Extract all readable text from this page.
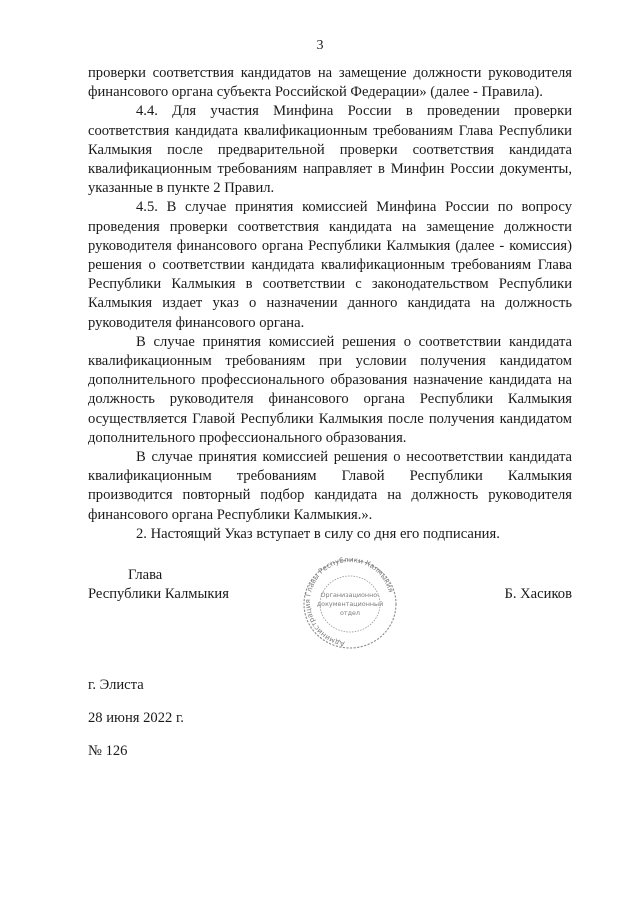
3

проверки соответствия кандидатов на замещение должности руководителя финансового органа субъекта Российской Федерации» (далее - Правила).

4.4. Для участия Минфина России в проведении проверки соответствия кандидата квалификационным требованиям Глава Республики Калмыкия после предварительной проверки соответствия кандидата квалификационным требованиям направляет в Минфин России документы, указанные в пункте 2 Правил.

4.5. В случае принятия комиссией Минфина России по вопросу проведения проверки соответствия кандидата на замещение должности руководителя финансового органа Республики Калмыкия (далее - комиссия) решения о соответствии кандидата квалификационным требованиям Глава Республики Калмыкия в соответствии с законодательством Республики Калмыкия издает указ о назначении данного кандидата на должность руководителя финансового органа.

В случае принятия комиссией решения о соответствии кандидата квалификационным требованиям при условии получения кандидатом дополнительного профессионального образования назначение кандидата на должность руководителя финансового органа Республики Калмыкия осуществляется Главой Республики Калмыкия после получения кандидатом дополнительного профессионального образования.

В случае принятия комиссией решения о несоответствии кандидата квалификационным требованиям Главой Республики Калмыкия производится повторный подбор кандидата на должность руководителя финансового органа Республики Калмыкия.».

2. Настоящий Указ вступает в силу со дня его подписания.

Глава
Республики Калмыкия
Администрация Главы Республики Калмыкия
Организационно-
документационный
отдел
Б. Хасиков
г. Элиста
28 июня 2022 г.
№ 126
